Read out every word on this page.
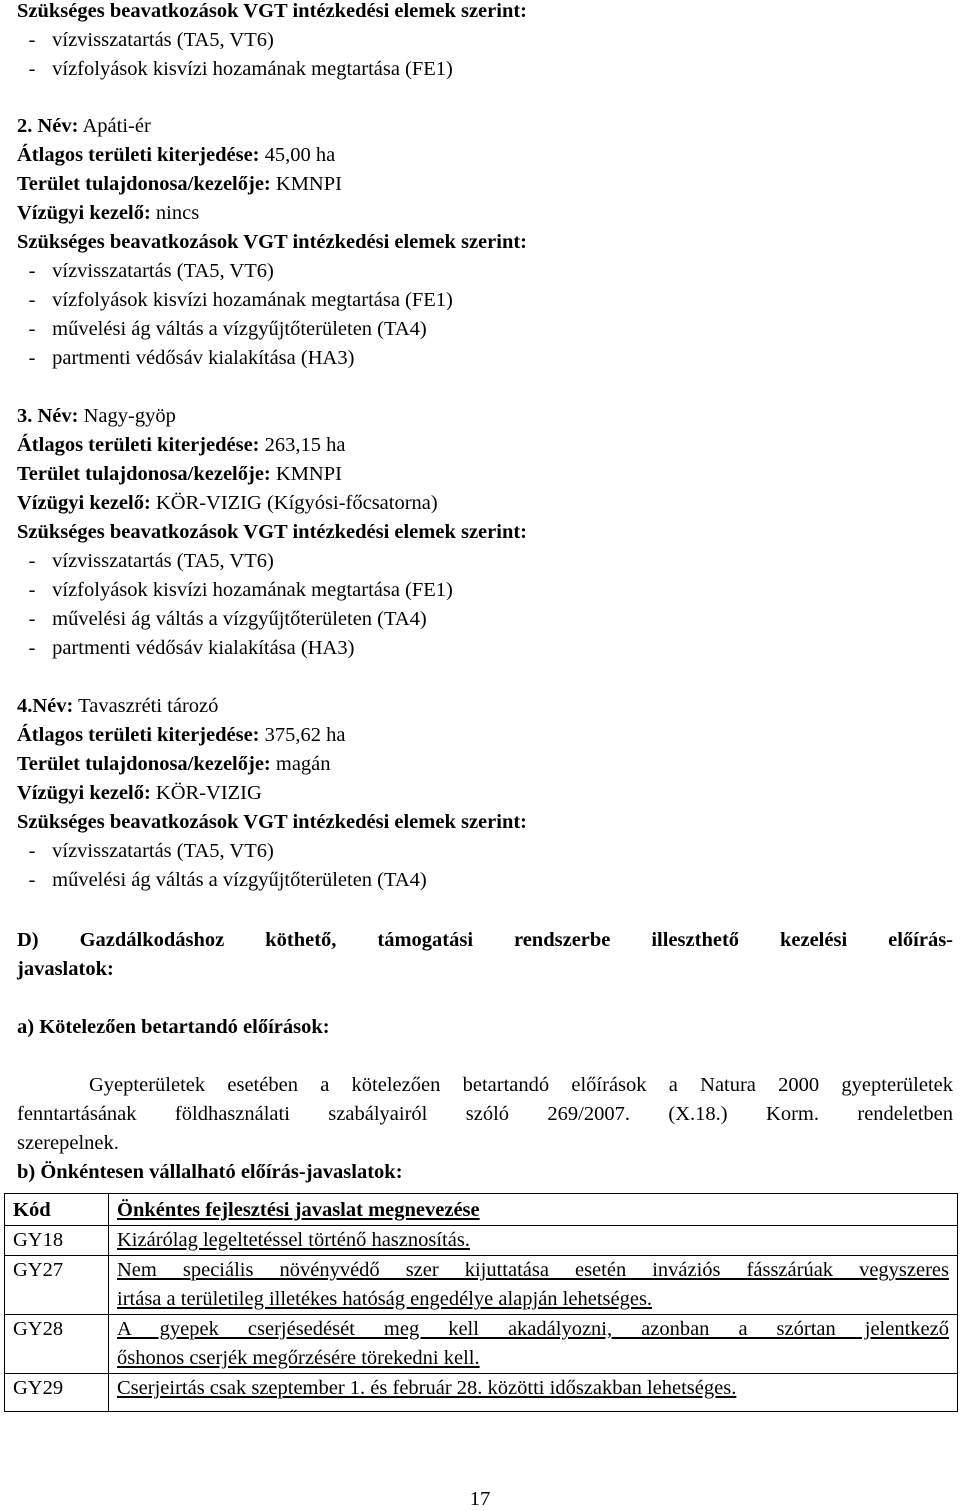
Szükséges beavatkozások VGT intézkedési elemek szerint:
- vízvisszatartás (TA5, VT6)
- vízfolyások kisvízi hozamának megtartása (FE1)
2. Név: Apáti-ér
Átlagos területi kiterjedése: 45,00 ha
Terület tulajdonosa/kezelője: KMNPI
Vízügyi kezelő: nincs
Szükséges beavatkozások VGT intézkedési elemek szerint:
- vízvisszatartás (TA5, VT6)
- vízfolyások kisvízi hozamának megtartása (FE1)
- művelési ág váltás a vízgyűjtőterületen (TA4)
- partmenti védősáv kialakítása (HA3)
3. Név: Nagy-gyöp
Átlagos területi kiterjedése: 263,15 ha
Terület tulajdonosa/kezelője: KMNPI
Vízügyi kezelő: KÖR-VIZIG (Kígyósi-főcsatorna)
Szükséges beavatkozások VGT intézkedési elemek szerint:
- vízvisszatartás (TA5, VT6)
- vízfolyások kisvízi hozamának megtartása (FE1)
- művelési ág váltás a vízgyűjtőterületen (TA4)
- partmenti védősáv kialakítása (HA3)
4.Név: Tavaszréti tározó
Átlagos területi kiterjedése: 375,62 ha
Terület tulajdonosa/kezelője: magán
Vízügyi kezelő: KÖR-VIZIG
Szükséges beavatkozások VGT intézkedési elemek szerint:
- vízvisszatartás (TA5, VT6)
- művelési ág váltás a vízgyűjtőterületen (TA4)
D) Gazdálkodáshoz köthető, támogatási rendszerbe illeszthető kezelési előírás-
javaslatok:
a) Kötelezően betartandó előírások:
Gyepterületek esetében a kötelezően betartandó előírások a Natura 2000 gyepterületek
fenntartásának földhasználati szabályairól szóló 269/2007. (X.18.) Korm. rendeletben
szerepelnek.
b) Önkéntesen vállalható előírás-javaslatok:
Kód	Önkéntes fejlesztési javaslat megnevezése
GY18	Kizárólag legeltetéssel történő hasznosítás.
GY27	Nem speciális növényvédő szer kijuttatása esetén inváziós fásszárúak vegyszeres
irtása a területileg illetékes hatóság engedélye alapján lehetséges.

GY28	A gyepek cserjésedését meg kell akadályozni, azonban a szórtan jelentkező
őshonos cserjék megőrzésére törekedni kell.

GY29	Cserjeirtás csak szeptember 1. és február 28. közötti időszakban lehetséges.
17
